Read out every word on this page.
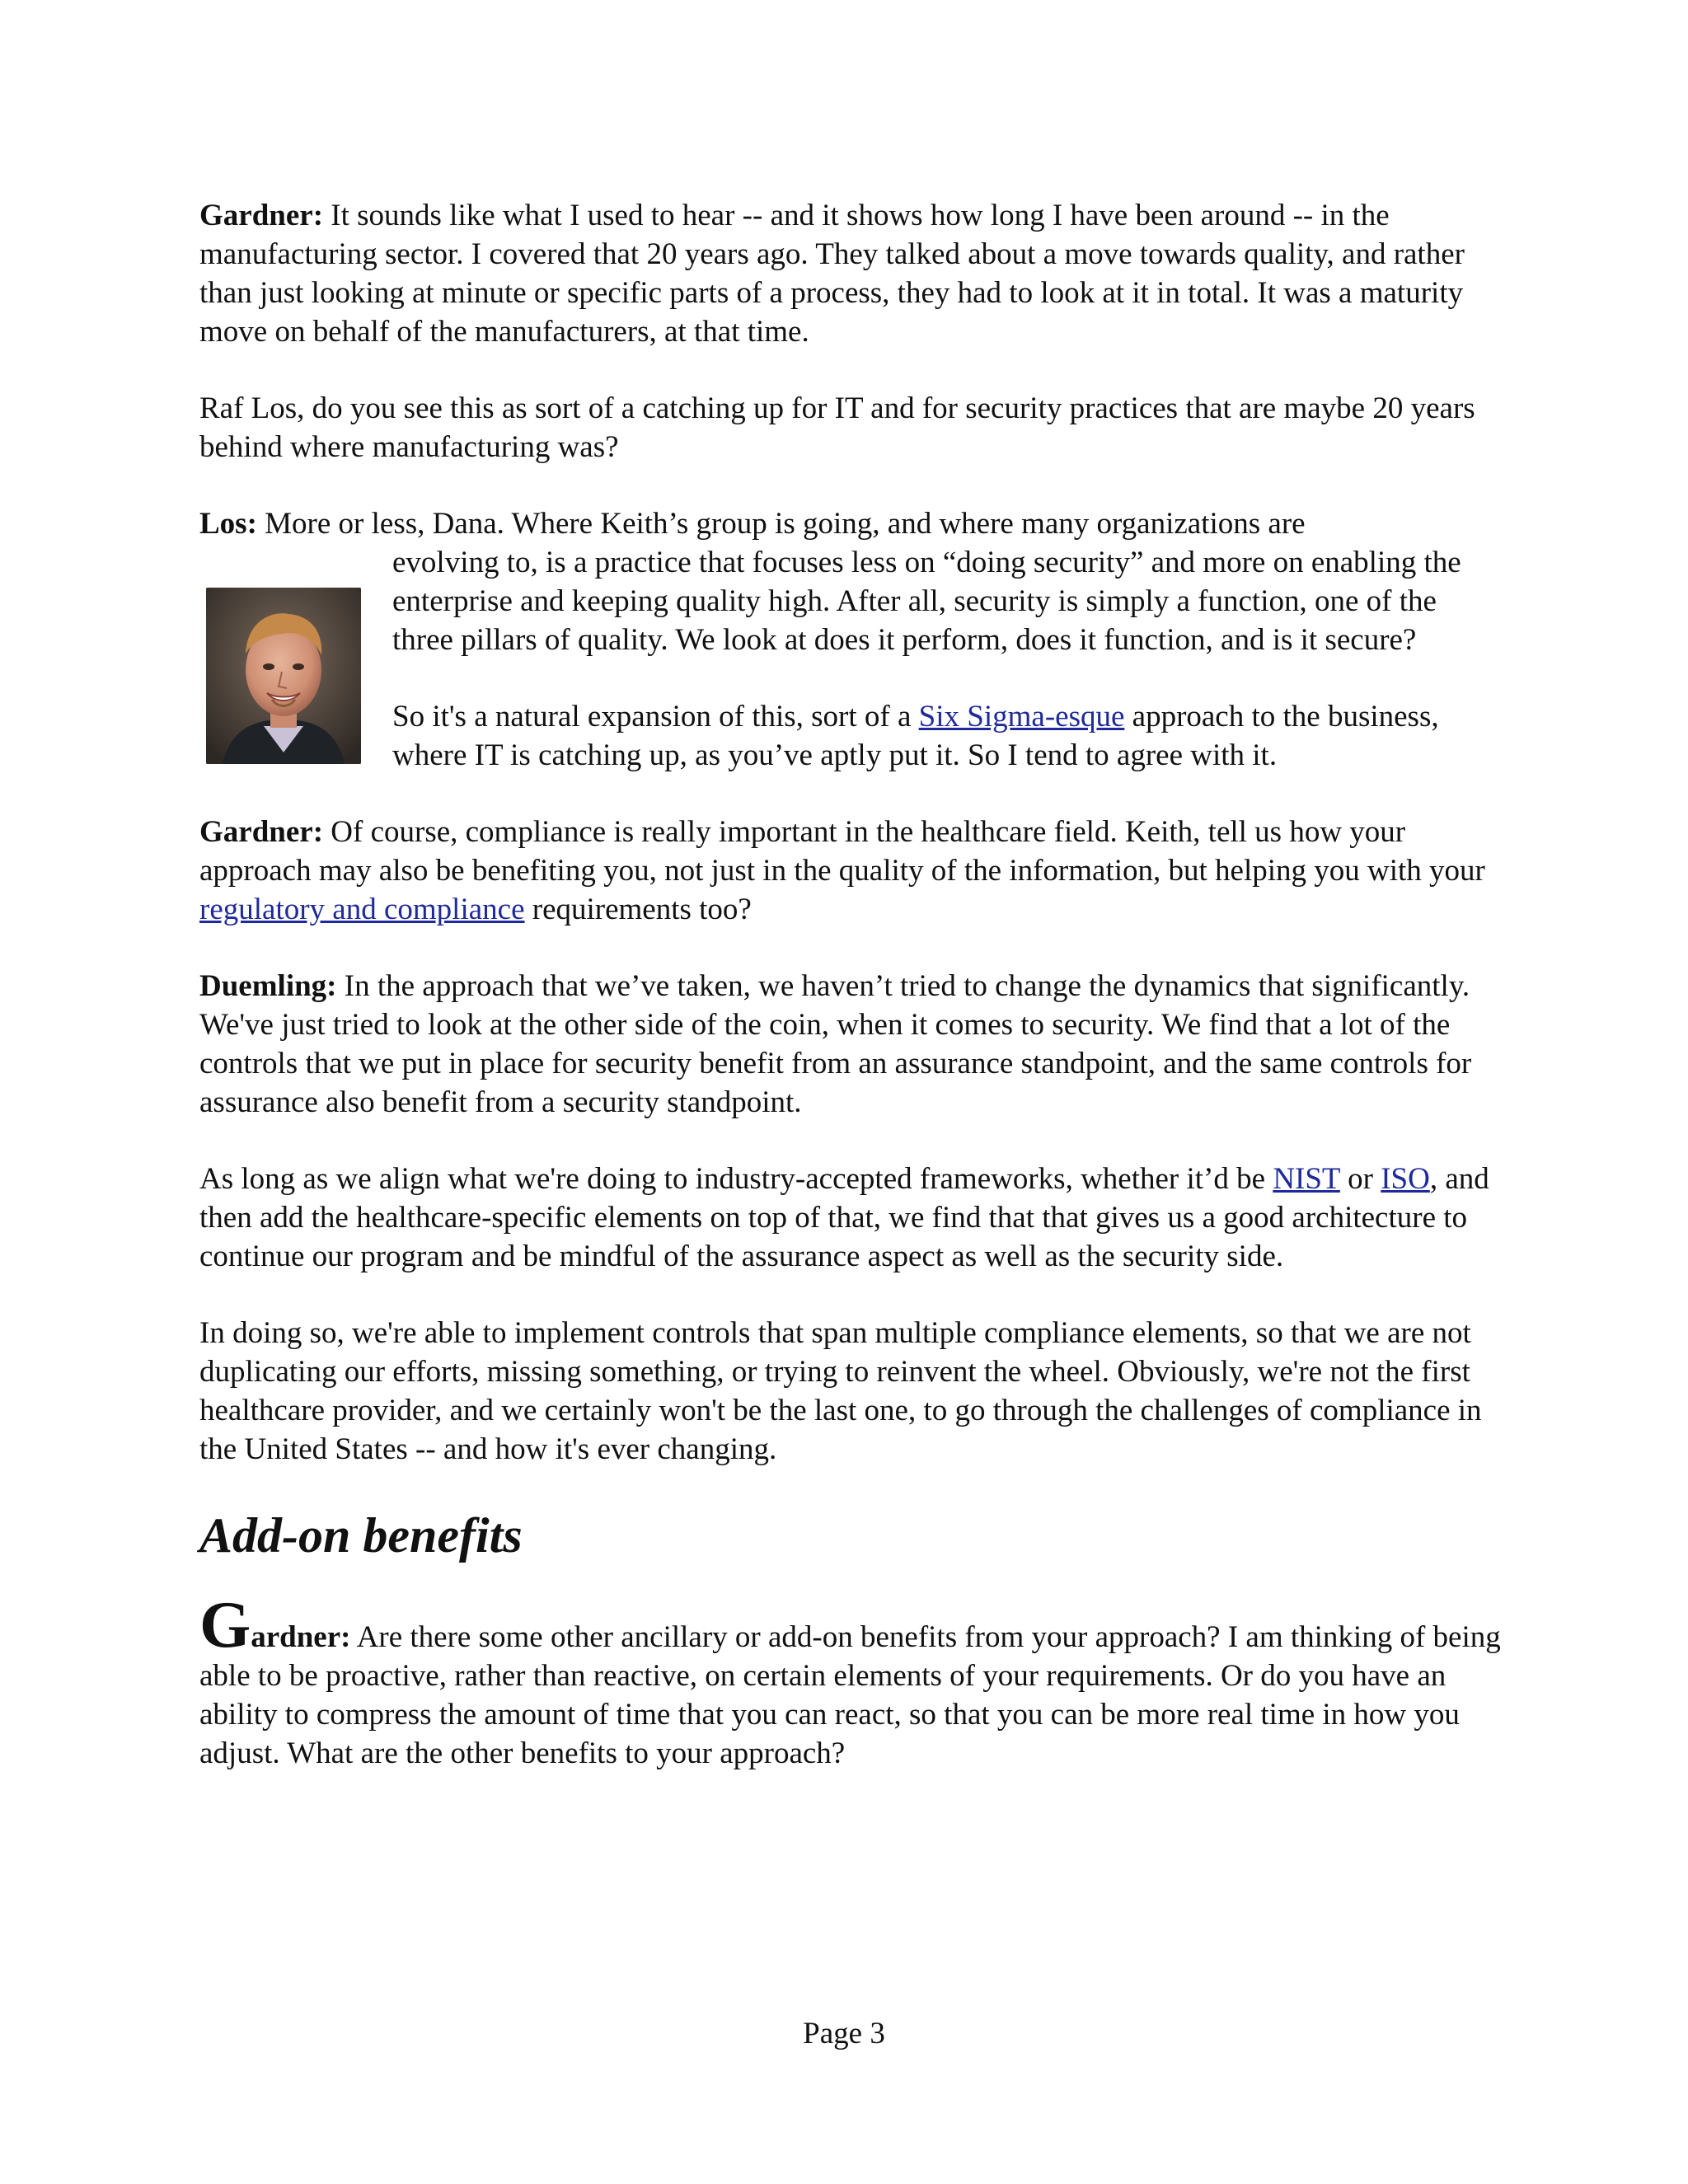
Gardner: It sounds like what I used to hear -- and it shows how long I have been around -- in the manufacturing sector. I covered that 20 years ago. They talked about a move towards quality, and rather than just looking at minute or specific parts of a process, they had to look at it in total. It was a maturity move on behalf of the manufacturers, at that time.

Raf Los, do you see this as sort of a catching up for IT and for security practices that are maybe 20 years behind where manufacturing was?

Los: More or less, Dana. Where Keith’s group is going, and where many organizations are

evolving to, is a practice that focuses less on “doing security” and more on enabling the enterprise and keeping quality high. After all, security is simply a function, one of the three pillars of quality. We look at does it perform, does it function, and is it secure?

So it's a natural expansion of this, sort of a Six Sigma-esque approach to the business, where IT is catching up, as you’ve aptly put it. So I tend to agree with it.

Gardner: Of course, compliance is really important in the healthcare field. Keith, tell us how your approach may also be benefiting you, not just in the quality of the information, but helping you with your regulatory and compliance requirements too?

Duemling: In the approach that we’ve taken, we haven’t tried to change the dynamics that significantly. We've just tried to look at the other side of the coin, when it comes to security. We find that a lot of the controls that we put in place for security benefit from an assurance standpoint, and the same controls for assurance also benefit from a security standpoint.

As long as we align what we're doing to industry-accepted frameworks, whether it’d be NIST or ISO, and then add the healthcare-specific elements on top of that, we find that that gives us a good architecture to continue our program and be mindful of the assurance aspect as well as the security side.

In doing so, we're able to implement controls that span multiple compliance elements, so that we are not duplicating our efforts, missing something, or trying to reinvent the wheel. Obviously, we're not the first healthcare provider, and we certainly won't be the last one, to go through the challenges of compliance in the United States -- and how it's ever changing.

Add-on benefits

Gardner: Are there some other ancillary or add-on benefits from your approach? I am thinking of being able to be proactive, rather than reactive, on certain elements of your requirements. Or do you have an ability to compress the amount of time that you can react, so that you can be more real time in how you adjust. What are the other benefits to your approach?

Page 3
